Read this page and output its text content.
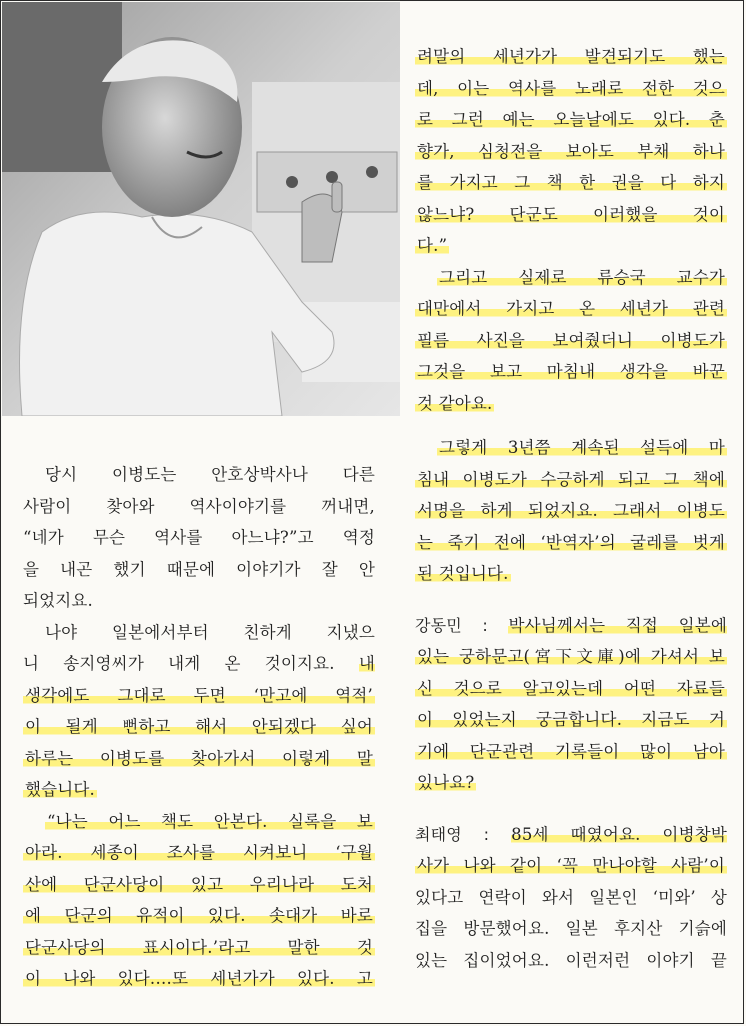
려말의 세년가가 발견되기도 했는
데, 이는 역사를 노래로 전한 것으
로 그런 예는 오늘날에도 있다. 춘
향가, 심청전을 보아도 부채 하나
를 가지고 그 책 한 권을 다 하지
않느냐? 단군도 이러했을 것이
다.”
그리고 실제로 류승국 교수가
대만에서 가지고 온 세년가 관련
필름 사진을 보여줬더니 이병도가
그것을 보고 마침내 생각을 바꾼
것 같아요.
그렇게 3년쯤 계속된 설득에 마
침내 이병도가 수긍하게 되고 그 책에
서명을 하게 되었지요. 그래서 이병도
는 죽기 전에 ‘반역자’의 굴레를 벗게
된 것입니다.
강동민 : 박사님께서는 직접 일본에
있는 궁하문고(宮下文庫)에 가셔서 보
신 것으로 알고있는데 어떤 자료들
이 있었는지 궁금합니다. 지금도 거
기에 단군관련 기록들이 많이 남아
있나요?
최태영 : 85세 때였어요. 이병창박
사가 나와 같이 ‘꼭 만나야할 사람’이
있다고 연락이 와서 일본인 ‘미와’ 상
집을 방문했어요. 일본 후지산 기슭에
있는 집이었어요. 이런저런 이야기 끝
당시 이병도는 안호상박사나 다른
사람이 찾아와 역사이야기를 꺼내면,
“네가 무슨 역사를 아느냐?”고 역정
을 내곤 했기 때문에 이야기가 잘 안
되었지요.
나야 일본에서부터 친하게 지냈으
니 송지영씨가 내게 온 것이지요. 내
생각에도 그대로 두면 ‘만고에 역적’
이 될게 뻔하고 해서 안되겠다 싶어
하루는 이병도를 찾아가서 이렇게 말
했습니다.
“나는 어느 책도 안본다. 실록을 보
아라. 세종이 조사를 시켜보니 ‘구월
산에 단군사당이 있고 우리나라 도처
에 단군의 유적이 있다. 솟대가 바로
단군사당의 표시이다.’라고 말한 것
이 나와 있다.…또 세년가가 있다. 고
